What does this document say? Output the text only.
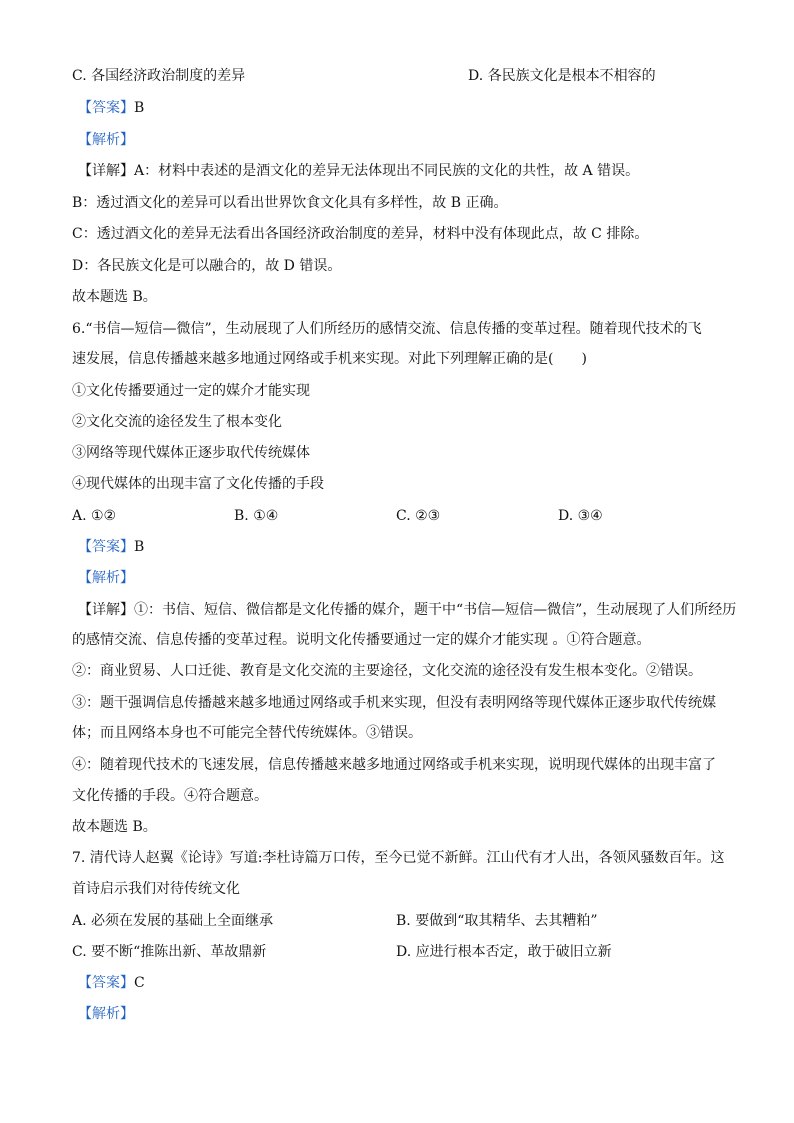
C. 各国经济政治制度的差异	D. 各民族文化是根本不相容的
【答案】B
【解析】
【详解】A：材料中表述的是酒文化的差异无法体现出不同民族的文化的共性，故 A 错误。
B：透过酒文化的差异可以看出世界饮食文化具有多样性，故 B 正确。
C：透过酒文化的差异无法看出各国经济政治制度的差异，材料中没有体现此点，故 C 排除。
D：各民族文化是可以融合的，故 D 错误。
故本题选 B。
6.“书信—短信—微信”，生动展现了人们所经历的感情交流、信息传播的变革过程。随着现代技术的飞
速发展，信息传播越来越多地通过网络或手机来实现。对此下列理解正确的是(　　)
①文化传播要通过一定的媒介才能实现
②文化交流的途径发生了根本变化
③网络等现代媒体正逐步取代传统媒体
④现代媒体的出现丰富了文化传播的手段
A. ①②	B. ①④	C. ②③	D. ③④
【答案】B
【解析】
【详解】①：书信、短信、微信都是文化传播的媒介，题干中“书信—短信—微信”，生动展现了人们所经历
的感情交流、信息传播的变革过程。说明文化传播要通过一定的媒介才能实现 。①符合题意。
②：商业贸易、人口迁徙、教育是文化交流的主要途径，文化交流的途径没有发生根本变化。②错误。
③：题干强调信息传播越来越多地通过网络或手机来实现，但没有表明网络等现代媒体正逐步取代传统媒
体；而且网络本身也不可能完全替代传统媒体。③错误。
④：随着现代技术的飞速发展，信息传播越来越多地通过网络或手机来实现，说明现代媒体的出现丰富了
文化传播的手段。④符合题意。
故本题选 B。
7. 清代诗人赵翼《论诗》写道:李杜诗篇万口传，至今已觉不新鲜。江山代有才人出，各领风骚数百年。这
首诗启示我们对待传统文化
A. 必须在发展的基础上全面继承	B. 要做到“取其精华、去其糟粕”
C. 要不断“推陈出新、革故鼎新	D. 应进行根本否定，敢于破旧立新
【答案】C
【解析】
